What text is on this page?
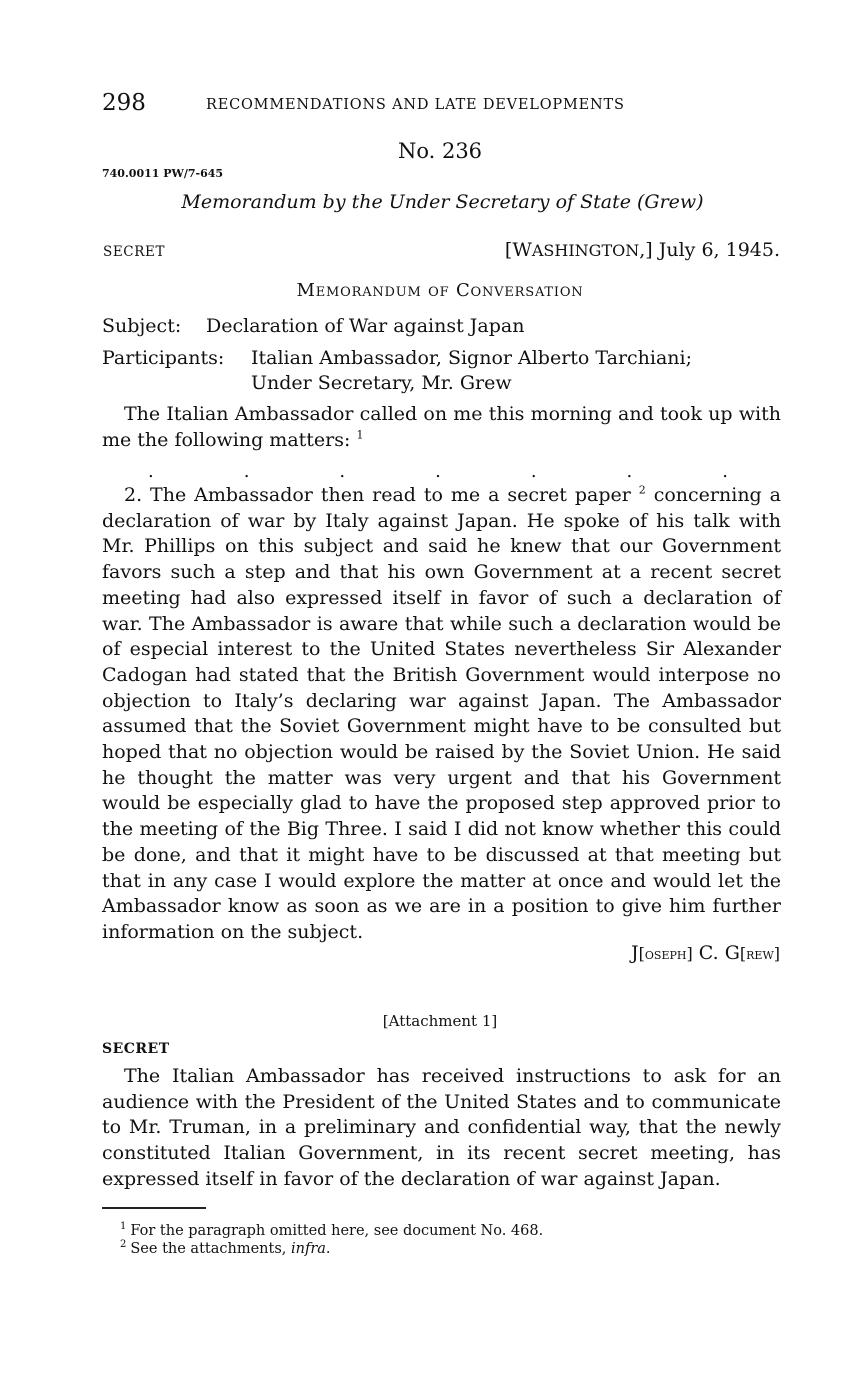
298	RECOMMENDATIONS AND LATE DEVELOPMENTS
No. 236
740.0011 PW/7-645
Memorandum by the Under Secretary of State (Grew)
SECRET	[WASHINGTON,] July 6, 1945.
Memorandum of Conversation
Subject: Declaration of War against Japan
Participants: Italian Ambassador, Signor Alberto Tarchiani;
Under Secretary, Mr. Grew
The Italian Ambassador called on me this morning and took up with me the following matters: $^1$
.	.	.	.	.	.	.
2. The Ambassador then read to me a secret paper $^2$ concerning a declaration of war by Italy against Japan. He spoke of his talk with Mr. Phillips on this subject and said he knew that our Government favors such a step and that his own Government at a recent secret meeting had also expressed itself in favor of such a declaration of war. The Ambassador is aware that while such a declaration would be of especial interest to the United States nevertheless Sir Alexander Cadogan had stated that the British Government would interpose no objection to Italy’s declaring war against Japan. The Ambassador assumed that the Soviet Government might have to be consulted but hoped that no objection would be raised by the Soviet Union. He said he thought the matter was very urgent and that his Government would be especially glad to have the proposed step approved prior to the meeting of the Big Three. I said I did not know whether this could be done, and that it might have to be discussed at that meeting but that in any case I would explore the matter at once and would let the Ambassador know as soon as we are in a position to give him further information on the subject.
J[oseph] C. G[rew]
[Attachment 1]
SECRET
The Italian Ambassador has received instructions to ask for an audience with the President of the United States and to communicate to Mr. Truman, in a preliminary and confidential way, that the newly constituted Italian Government, in its recent secret meeting, has expressed itself in favor of the declaration of war against Japan.
$^1$ For the paragraph omitted here, see document No. 468.
$^2$ See the attachments, infra.
